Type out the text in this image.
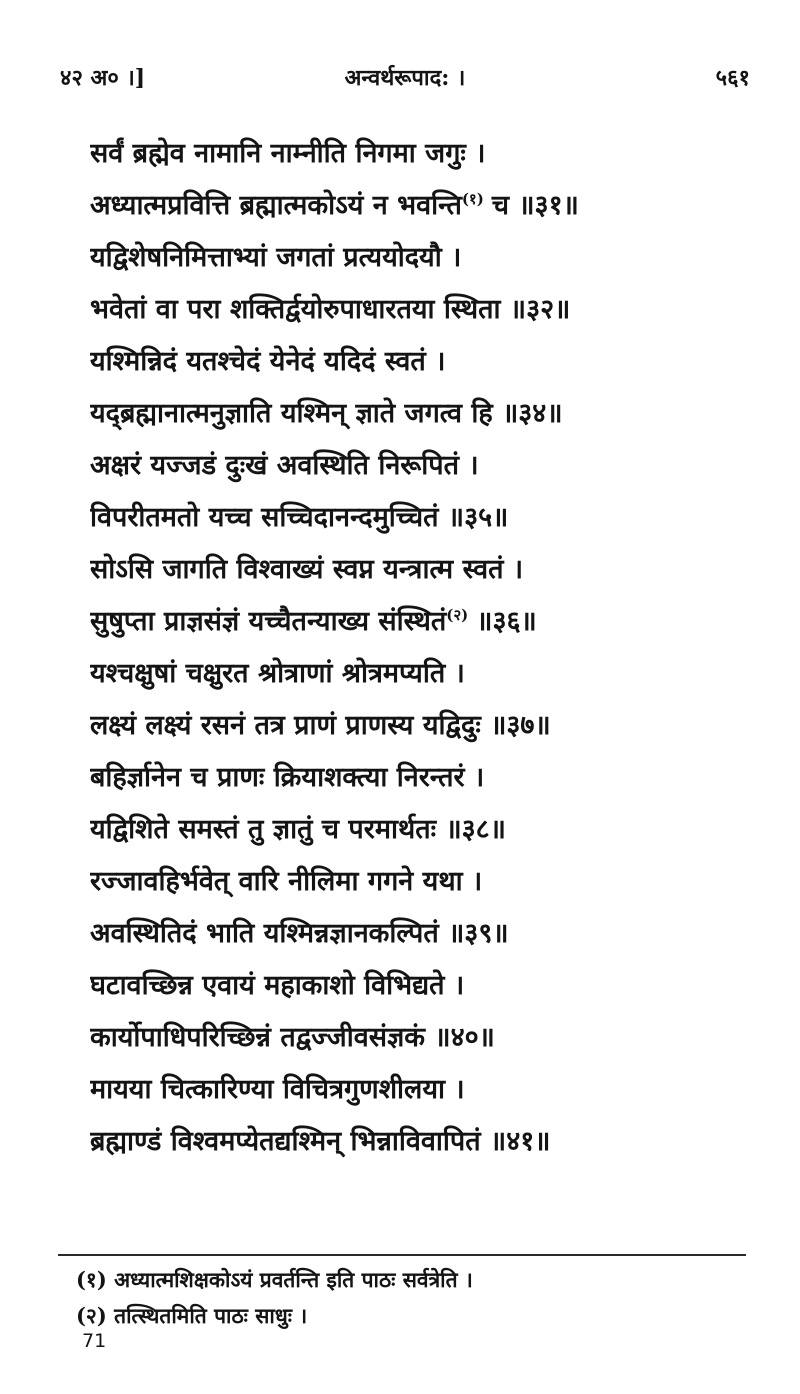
४२ अ० ।]	अन्वर्थरूपाद: ।	५६१
सर्वं ब्रह्मेव नामानि नाम्नीति निगमा जगुः ।
अध्यात्मप्रवित्ति ब्रह्मात्मकोऽयं न भवन्ति$^{(१)}$ च ॥३१॥
यद्विशेषनिमित्ताभ्यां जगतां प्रत्ययोदयौ ।
भवेतां वा परा शक्तिर्द्वयोरुपाधारतया स्थिता ॥३२॥
यश्मिन्निदं यतश्चेदं येनेदं यदिदं स्वतं ।
यद्ब्रह्मानात्मनुज्ञाति यश्मिन् ज्ञाते जगत्व हि ॥३४॥
अक्षरं यज्जडं दुःखं अवस्थिति निरूपितं ।
विपरीतमतो यच्च सच्चिदानन्दमुच्चितं ॥३५॥
सोऽसि जागति विश्वाख्यं स्वप्न यन्त्रात्म स्वतं ।
सुषुप्ता प्राज्ञसंज्ञं यच्चैतन्याख्य संस्थितं$^{(२)}$ ॥३६॥
यश्चक्षुषां चक्षुरत श्रोत्राणां श्रोत्रमप्यति ।
लक्ष्यं लक्ष्यं रसनं तत्र प्राणं प्राणस्य यद्विदुः ॥३७॥
बहिर्ज्ञानेन च प्राणः क्रियाशक्त्या निरन्तरं ।
यद्विशिते समस्तं तु ज्ञातुं च परमार्थतः ॥३८॥
रज्जावहिर्भवेत् वारि नीलिमा गगने यथा ।
अवस्थितिदं भाति यश्मिन्नज्ञानकल्पितं ॥३९॥
घटावच्छिन्न एवायं महाकाशो विभिद्यते ।
कार्योपाधिपरिच्छिन्नं तद्वज्जीवसंज्ञकं ॥४०॥
मायया चित्कारिण्या विचित्रगुणशीलया ।
ब्रह्माण्डं विश्वमप्येतद्यश्मिन् भिन्नाविवापितं ॥४१॥
(१) अध्यात्मशिक्षकोऽयं प्रवर्तन्ति इति पाठः सर्वत्रेति ।
(२) तत्स्थितमिति पाठः साधुः ।
71
